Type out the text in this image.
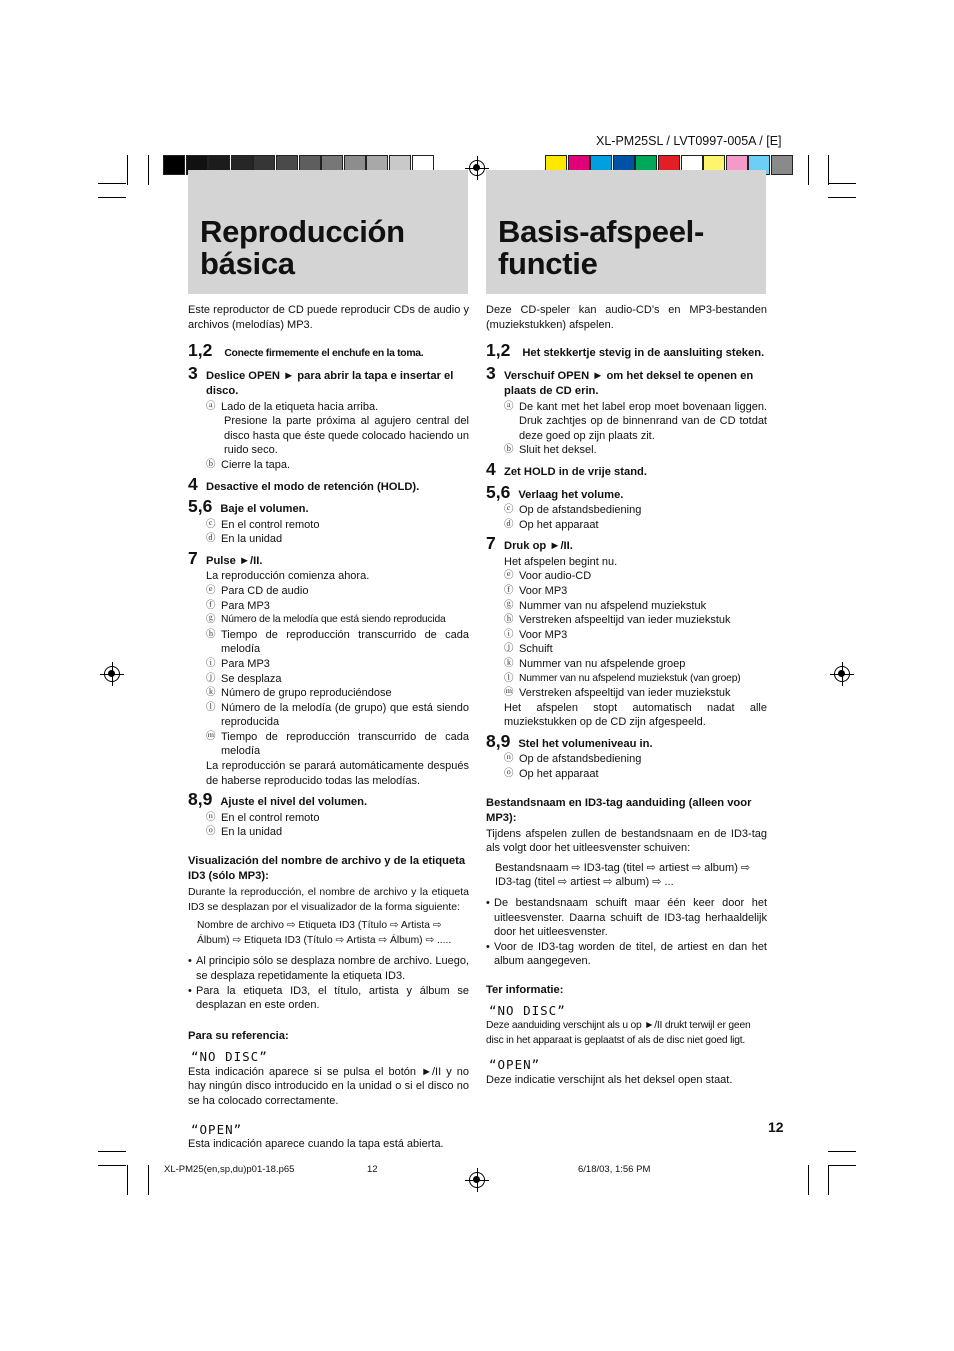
XL-PM25SL / LVT0997-005A / [E]
Reproducción
básica
Basis-afspeel-
functie

Este reproductor de CD puede reproducir CDs de audio y archivos (melodías) MP3.

1,2	Conecte firmemente el enchufe en la toma.
3 Deslice OPEN ► para abrir la tapa e insertar el disco.
ⓐ Lado de la etiqueta hacia arriba.

Presione la parte próxima al agujero central del disco hasta que éste quede colocado haciendo un ruido seco.

ⓑ Cierre la tapa.
4 Desactive el modo de retención (HOLD).
5,6 Baje el volumen.
ⓒ En el control remoto
ⓓ En la unidad
7 Pulse ►/II.

La reproducción comienza ahora.

ⓔ Para CD de audio
ⓕ Para MP3
ⓖ Número de la melodía que está siendo reproducida
ⓗ Tiempo de reproducción transcurrido de cada melodía
ⓘ Para MP3
ⓙ Se desplaza
ⓚ Número de grupo reproduciéndose
ⓛ Número de la melodía (de grupo) que está siendo reproducida
ⓜ Tiempo de reproducción transcurrido de cada melodía

La reproducción se parará automáticamente después de haberse reproducido todas las melodías.

8,9 Ajuste el nivel del volumen.
ⓝ En el control remoto
ⓞ En la unidad

Visualización del nombre de archivo y de la etiqueta ID3 (sólo MP3):

Durante la reproducción, el nombre de archivo y la etiqueta ID3 se desplazan por el visualizador de la forma siguiente:

Nombre de archivo ⇨ Etiqueta ID3 (Título ⇨ Artista ⇨ Álbum) ⇨ Etiqueta ID3 (Título ⇨ Artista ⇨ Álbum) ⇨ .....

• Al principio sólo se desplaza nombre de archivo. Luego, se desplaza repetidamente la etiqueta ID3.
• Para la etiqueta ID3, el título, artista y álbum se desplazan en este orden.

Para su referencia:

“NO DISC”

Esta indicación aparece si se pulsa el botón ►/II y no hay ningún disco introducido en la unidad o si el disco no se ha colocado correctamente.

“OPEN”

Esta indicación aparece cuando la tapa está abierta.

Deze CD-speler kan audio-CD’s en MP3-bestanden (muziekstukken) afspelen.

1,2	Het stekkertje stevig in de aansluiting steken.
3 Verschuif OPEN ► om het deksel te openen en plaats de CD erin.
ⓐ De kant met het label erop moet bovenaan liggen. Druk zachtjes op de binnenrand van de CD totdat deze goed op zijn plaats zit.
ⓑ Sluit het deksel.
4 Zet HOLD in de vrije stand.
5,6 Verlaag het volume.
ⓒ Op de afstandsbediening
ⓓ Op het apparaat
7 Druk op ►/II.

Het afspelen begint nu.

ⓔ Voor audio-CD
ⓕ Voor MP3
ⓖ Nummer van nu afspelend muziekstuk
ⓗ Verstreken afspeeltijd van ieder muziekstuk
ⓘ Voor MP3
ⓙ Schuift
ⓚ Nummer van nu afspelende groep
ⓛ Nummer van nu afspelend muziekstuk (van groep)
ⓜ Verstreken afspeeltijd van ieder muziekstuk

Het afspelen stopt automatisch nadat alle muziekstukken op de CD zijn afgespeeld.

8,9 Stel het volumeniveau in.
ⓝ Op de afstandsbediening
ⓞ Op het apparaat

Bestandsnaam en ID3-tag aanduiding (alleen voor MP3):

Tijdens afspelen zullen de bestandsnaam en de ID3-tag als volgt door het uitleesvenster schuiven:

Bestandsnaam ⇨ ID3-tag (titel ⇨ artiest ⇨ album) ⇨ ID3-tag (titel ⇨ artiest ⇨ album) ⇨ ...

• De bestandsnaam schuift maar één keer door het uitleesvenster. Daarna schuift de ID3-tag herhaaldelijk door het uitleesvenster.
• Voor de ID3-tag worden de titel, de artiest en dan het album aangegeven.

Ter informatie:

“NO DISC”

Deze aanduiding verschijnt als u op ►/II drukt terwijl er geen disc in het apparaat is geplaatst of als de disc niet goed ligt.

“OPEN”

Deze indicatie verschijnt als het deksel open staat.

12
XL-PM25(en,sp,du)p01-18.p65	12	6/18/03, 1:56 PM
